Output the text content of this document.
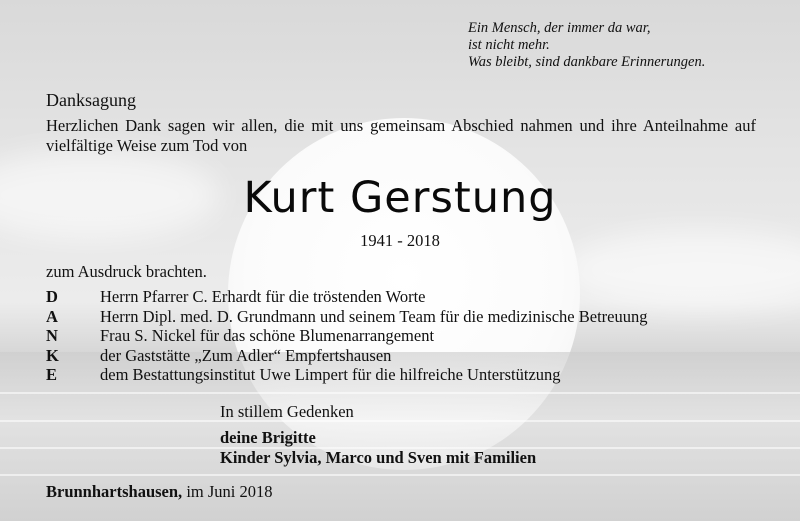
Ein Mensch, der immer da war,
ist nicht mehr.
Was bleibt, sind dankbare Erinnerungen.
Danksagung
Herzlichen Dank sagen wir allen, die mit uns gemeinsam Abschied nahmen und ihre Anteilnahme auf vielfältige Weise zum Tod von
Kurt Gerstung
1941 - 2018
zum Ausdruck brachten.
D	Herrn Pfarrer C. Erhardt für die tröstenden Worte
A	Herrn Dipl. med. D. Grundmann und seinem Team für die medizinische Betreuung
N	Frau S. Nickel für das schöne Blumenarrangement
K	der Gaststätte „Zum Adler“ Empfertshausen
E	dem Bestattungsinstitut Uwe Limpert für die hilfreiche Unterstützung
In stillem Gedenken
deine Brigitte
Kinder Sylvia, Marco und Sven mit Familien
Brunnhartshausen, im Juni 2018
